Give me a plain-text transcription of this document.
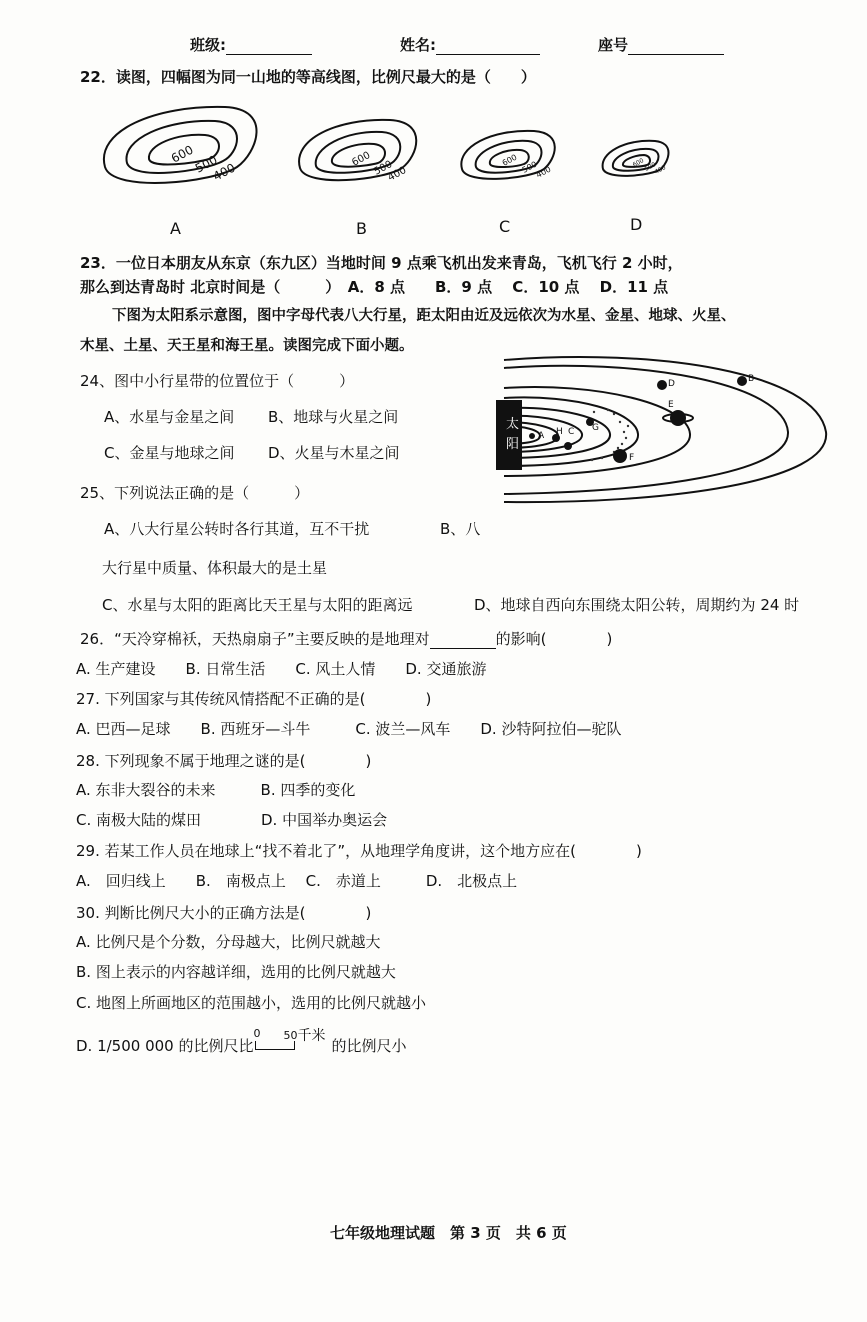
班级:	姓名:	座号
22．读图，四幅图为同一山地的等高线图，比例尺最大的是（　　）
600
500
400
600 500
400
600 500
400
600
500
400
A	B	C	D
23．一位日本朋友从东京（东九区）当地时间 9 点乘飞机出发来青岛，飞机飞行 2 小时，
那么到达青岛时 北京时间是（　　　）　A．8 点　　B．9 点　 C．10 点　 D．11 点
下图为太阳系示意图，图中字母代表八大行星，距太阳由近及远依次为水星、金星、地球、火星、
木星、土星、天王星和海王星。读图完成下面小题。
太
阳
A
B
C
D
E
F
G
H
24、图中小行星带的位置位于（　　　）
A、水星与金星之间 B、地球与火星之间
C、金星与地球之间 D、火星与木星之间
25、下列说法正确的是（　　　）
A、八大行星公转时各行其道，互不干扰	B、八
大行星中质量、体积最大的是土星
C、水星与太阳的距离比天王星与太阳的距离远	D、地球自西向东围绕太阳公转，周期约为 24 时
26．“天冷穿棉袄，天热扇扇子”主要反映的是地理对	的影响(　　　　)
A. 生产建设　　B. 日常生活　　C. 风土人情　　D. 交通旅游
27. 下列国家与其传统风情搭配不正确的是(　　　　)
A. 巴西—足球　　B. 西班牙—斗牛　　　C. 波兰—风车　　D. 沙特阿拉伯—驼队
28. 下列现象不属于地理之谜的是(　　　　)
A. 东非大裂谷的未来　　　B. 四季的变化
C. 南极大陆的煤田　　　　D. 中国举办奥运会
29. 若某工作人员在地球上“找不着北了”，从地理学角度讲，这个地方应在(　　　　)
A.　回归线上　　B.　南极点上　 C.　赤道上　　　D.　北极点上
30. 判断比例尺大小的正确方法是(　　　　)
A. 比例尺是个分数，分母越大，比例尺就越大
B. 图上表示的内容越详细，选用的比例尺就越大
C. 地图上所画地区的范围越小，选用的比例尺就越小
D. 1/500 000 的比例尺比
0 50 千米
的比例尺小
七年级地理试题　第 3 页　共 6 页
